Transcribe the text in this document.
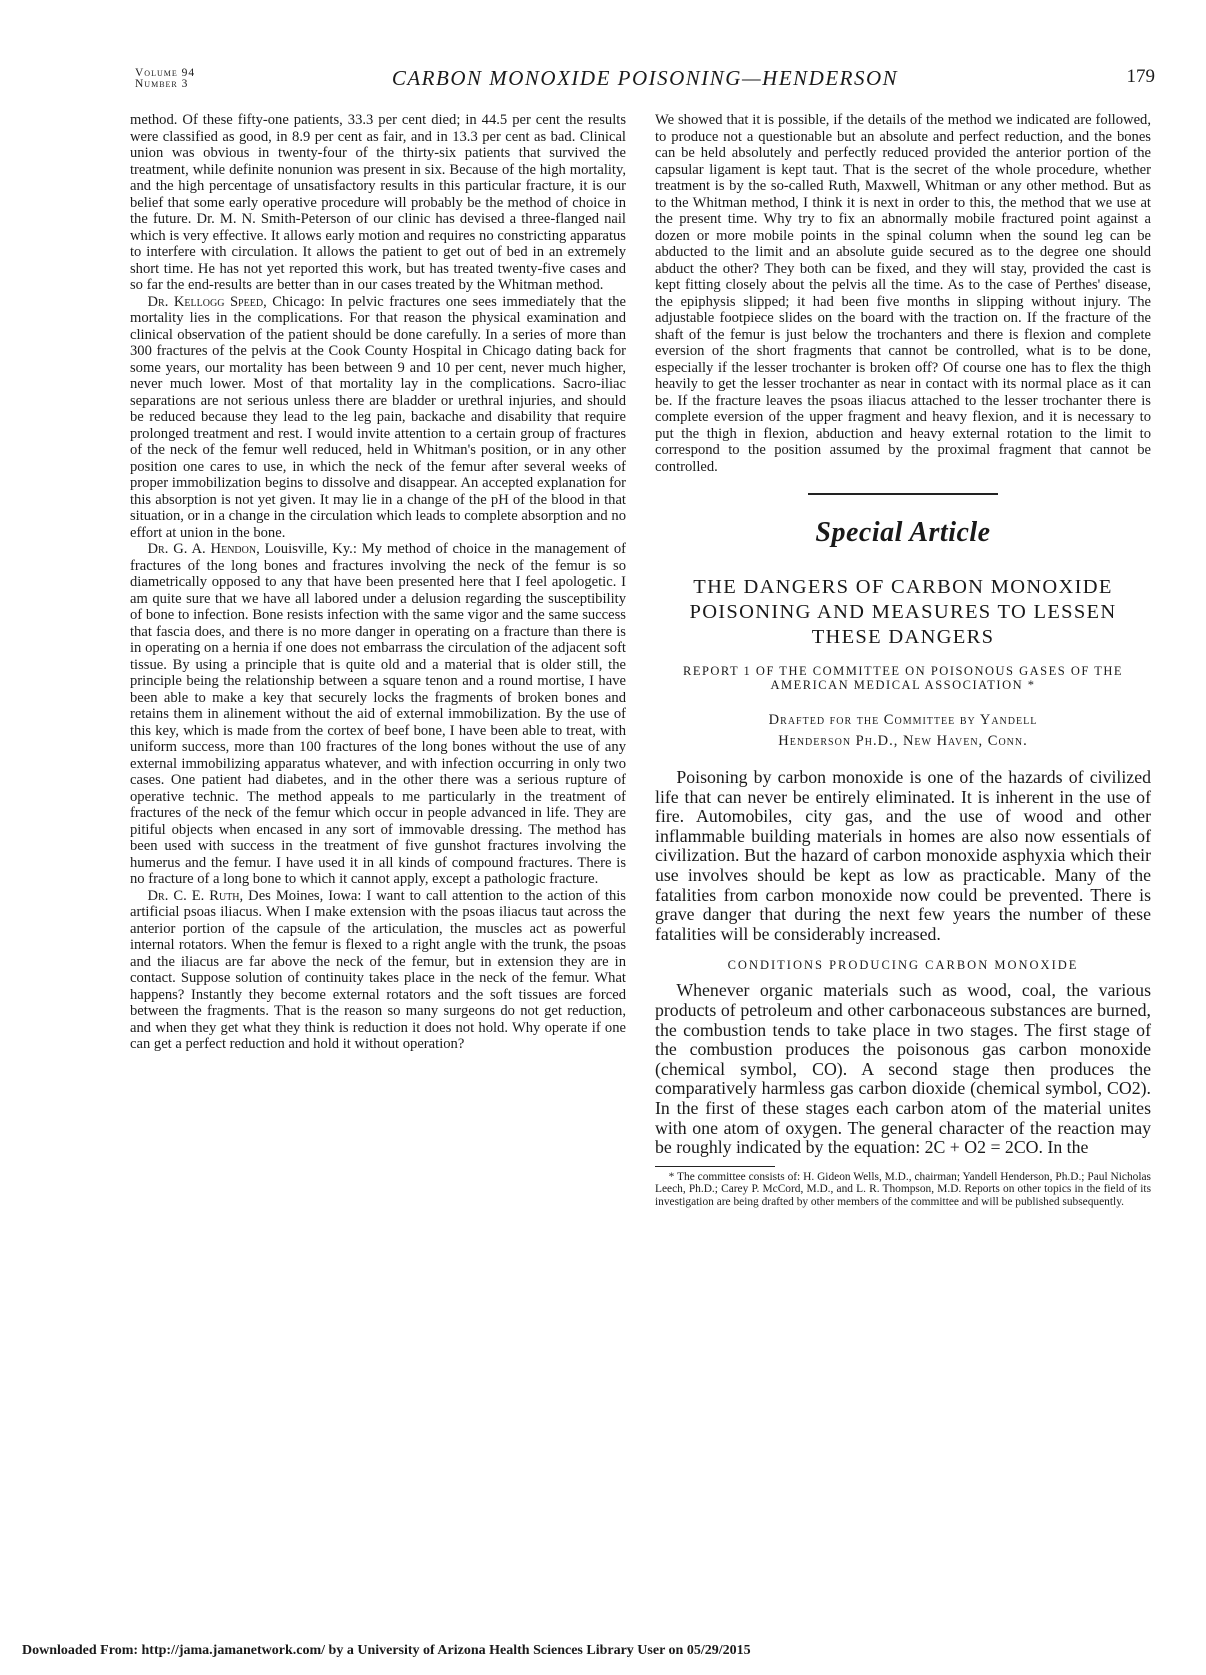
Volume 94
Number 3	CARBON MONOXIDE POISONING—HENDERSON	179

method. Of these fifty-one patients, 33.3 per cent died; in 44.5 per cent the results were classified as good, in 8.9 per cent as fair, and in 13.3 per cent as bad. Clinical union was obvious in twenty-four of the thirty-six patients that survived the treatment, while definite nonunion was present in six. Because of the high mortality, and the high percentage of unsatisfactory results in this particular fracture, it is our belief that some early operative procedure will probably be the method of choice in the future. Dr. M. N. Smith-Peterson of our clinic has devised a three-flanged nail which is very effective. It allows early motion and requires no constricting apparatus to interfere with circulation. It allows the patient to get out of bed in an extremely short time. He has not yet reported this work, but has treated twenty-five cases and so far the end-results are better than in our cases treated by the Whitman method.

Dr. Kellogg Speed, Chicago: In pelvic fractures one sees immediately that the mortality lies in the complications. For that reason the physical examination and clinical observation of the patient should be done carefully. In a series of more than 300 fractures of the pelvis at the Cook County Hospital in Chicago dating back for some years, our mortality has been between 9 and 10 per cent, never much higher, never much lower. Most of that mortality lay in the complications. Sacro-iliac separations are not serious unless there are bladder or urethral injuries, and should be reduced because they lead to the leg pain, backache and disability that require prolonged treatment and rest. I would invite attention to a certain group of fractures of the neck of the femur well reduced, held in Whitman's position, or in any other position one cares to use, in which the neck of the femur after several weeks of proper immobilization begins to dissolve and disappear. An accepted explanation for this absorption is not yet given. It may lie in a change of the pH of the blood in that situation, or in a change in the circulation which leads to complete absorption and no effort at union in the bone.

Dr. G. A. Hendon, Louisville, Ky.: My method of choice in the management of fractures of the long bones and fractures involving the neck of the femur is so diametrically opposed to any that have been presented here that I feel apologetic. I am quite sure that we have all labored under a delusion regarding the susceptibility of bone to infection. Bone resists infection with the same vigor and the same success that fascia does, and there is no more danger in operating on a fracture than there is in operating on a hernia if one does not embarrass the circulation of the adjacent soft tissue. By using a principle that is quite old and a material that is older still, the principle being the relationship between a square tenon and a round mortise, I have been able to make a key that securely locks the fragments of broken bones and retains them in alinement without the aid of external immobilization. By the use of this key, which is made from the cortex of beef bone, I have been able to treat, with uniform success, more than 100 fractures of the long bones without the use of any external immobilizing apparatus whatever, and with infection occurring in only two cases. One patient had diabetes, and in the other there was a serious rupture of operative technic. The method appeals to me particularly in the treatment of fractures of the neck of the femur which occur in people advanced in life. They are pitiful objects when encased in any sort of immovable dressing. The method has been used with success in the treatment of five gunshot fractures involving the humerus and the femur. I have used it in all kinds of compound fractures. There is no fracture of a long bone to which it cannot apply, except a pathologic fracture.

Dr. C. E. Ruth, Des Moines, Iowa: I want to call attention to the action of this artificial psoas iliacus. When I make extension with the psoas iliacus taut across the anterior portion of the capsule of the articulation, the muscles act as powerful internal rotators. When the femur is flexed to a right angle with the trunk, the psoas and the iliacus are far above the neck of the femur, but in extension they are in contact. Suppose solution of continuity takes place in the neck of the femur. What happens? Instantly they become external rotators and the soft tissues are forced between the fragments. That is the reason so many surgeons do not get reduction, and when they get what they think is reduction it does not hold. Why operate if one can get a perfect reduction and hold it without operation?

We showed that it is possible, if the details of the method we indicated are followed, to produce not a questionable but an absolute and perfect reduction, and the bones can be held absolutely and perfectly reduced provided the anterior portion of the capsular ligament is kept taut. That is the secret of the whole procedure, whether treatment is by the so-called Ruth, Maxwell, Whitman or any other method. But as to the Whitman method, I think it is next in order to this, the method that we use at the present time. Why try to fix an abnormally mobile fractured point against a dozen or more mobile points in the spinal column when the sound leg can be abducted to the limit and an absolute guide secured as to the degree one should abduct the other? They both can be fixed, and they will stay, provided the cast is kept fitting closely about the pelvis all the time. As to the case of Perthes' disease, the epiphysis slipped; it had been five months in slipping without injury. The adjustable footpiece slides on the board with the traction on. If the fracture of the shaft of the femur is just below the trochanters and there is flexion and complete eversion of the short fragments that cannot be controlled, what is to be done, especially if the lesser trochanter is broken off? Of course one has to flex the thigh heavily to get the lesser trochanter as near in contact with its normal place as it can be. If the fracture leaves the psoas iliacus attached to the lesser trochanter there is complete eversion of the upper fragment and heavy flexion, and it is necessary to put the thigh in flexion, abduction and heavy external rotation to the limit to correspond to the position assumed by the proximal fragment that cannot be controlled.

Special Article
THE DANGERS OF CARBON MONOXIDE POISONING AND MEASURES TO LESSEN THESE DANGERS
REPORT 1 OF THE COMMITTEE ON POISONOUS GASES OF THE AMERICAN MEDICAL ASSOCIATION *
Drafted for the Committee by Yandell
Henderson Ph.D., New Haven, Conn.

Poisoning by carbon monoxide is one of the hazards of civilized life that can never be entirely eliminated. It is inherent in the use of fire. Automobiles, city gas, and the use of wood and other inflammable building materials in homes are also now essentials of civilization. But the hazard of carbon monoxide asphyxia which their use involves should be kept as low as practicable. Many of the fatalities from carbon monoxide now could be prevented. There is grave danger that during the next few years the number of these fatalities will be considerably increased.

CONDITIONS PRODUCING CARBON MONOXIDE

Whenever organic materials such as wood, coal, the various products of petroleum and other carbonaceous substances are burned, the combustion tends to take place in two stages. The first stage of the combustion produces the poisonous gas carbon monoxide (chemical symbol, CO). A second stage then produces the comparatively harmless gas carbon dioxide (chemical symbol, CO2). In the first of these stages each carbon atom of the material unites with one atom of oxygen. The general character of the reaction may be roughly indicated by the equation: 2C + O2 = 2CO. In the

* The committee consists of: H. Gideon Wells, M.D., chairman; Yandell Henderson, Ph.D.; Paul Nicholas Leech, Ph.D.; Carey P. McCord, M.D., and L. R. Thompson, M.D. Reports on other topics in the field of its investigation are being drafted by other members of the committee and will be published subsequently.

Downloaded From: http://jama.jamanetwork.com/ by a University of Arizona Health Sciences Library User on 05/29/2015
